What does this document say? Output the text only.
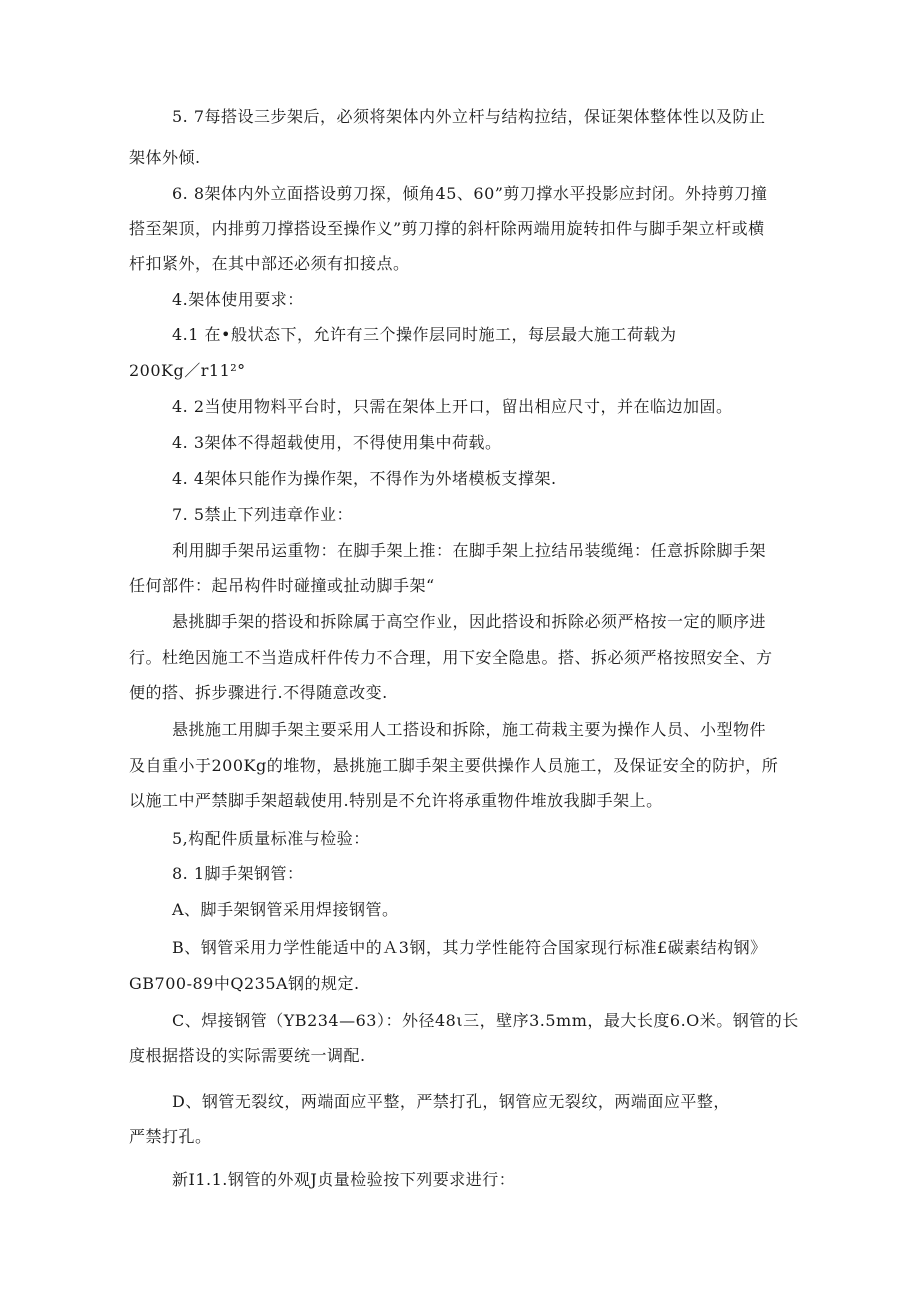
5. 7每搭设三步架后，必须将架体内外立杆与结构拉结，保证架体整体性以及防止
架体外倾.
6. 8架体内外立面搭设剪刀探，倾角45、60”剪刀撑水平投影应封闭。外持剪刀撞
搭至架顶，内排剪刀撑搭设至操作义”剪刀撑的斜杆除两端用旋转扣件与脚手架立杆或横
杆扣紧外，在其中部还必须有扣接点。
4.架体使用要求：
4.1 在•般状态下，允许有三个操作层同时施工，每层最大施工荷载为
200Kg／r11²°
4. 2当使用物料平台时，只需在架体上开口，留出相应尺寸，并在临边加固。
4. 3架体不得超载使用，不得使用集中荷载。
4. 4架体只能作为操作架，不得作为外堵模板支撑架.
7. 5禁止下列违章作业：
利用脚手架吊运重物：在脚手架上推：在脚手架上拉结吊装缆绳：任意拆除脚手架
任何部件：起吊构件时碰撞或扯动脚手架“
悬挑脚手架的搭设和拆除属于高空作业，因此搭设和拆除必须严格按一定的顺序进
行。杜绝因施工不当造成杆件传力不合理，用下安全隐患。搭、拆必须严格按照安全、方
便的搭、拆步骤进行.不得随意改变.
悬挑施工用脚手架主要采用人工搭设和拆除，施工荷栽主要为操作人员、小型物件
及自重小于200Kg的堆物，悬挑施工脚手架主要供操作人员施工，及保证安全的防护，所
以施工中严禁脚手架超载使用.特别是不允许将承重物件堆放我脚手架上。
5,构配件质量标准与检验：
8. 1脚手架钢管：
A、脚手架钢管采用焊接钢管。
B、钢管采用力学性能适中的Ａ3钢，其力学性能符合国家现行标准£碳素结构钢》
GB700-89中Q235A钢的规定.
C、焊接钢管（YB234—63）：外径48ι三，壁序3.5mm，最大长度6.O米。钢管的长
度根据搭设的实际需要统一调配.
D、钢管无裂纹，两端面应平整，严禁打孔，钢管应无裂纹，两端面应平整，
严禁打孔。
新I1.1.钢管的外观J贞量检验按下列要求进行：
